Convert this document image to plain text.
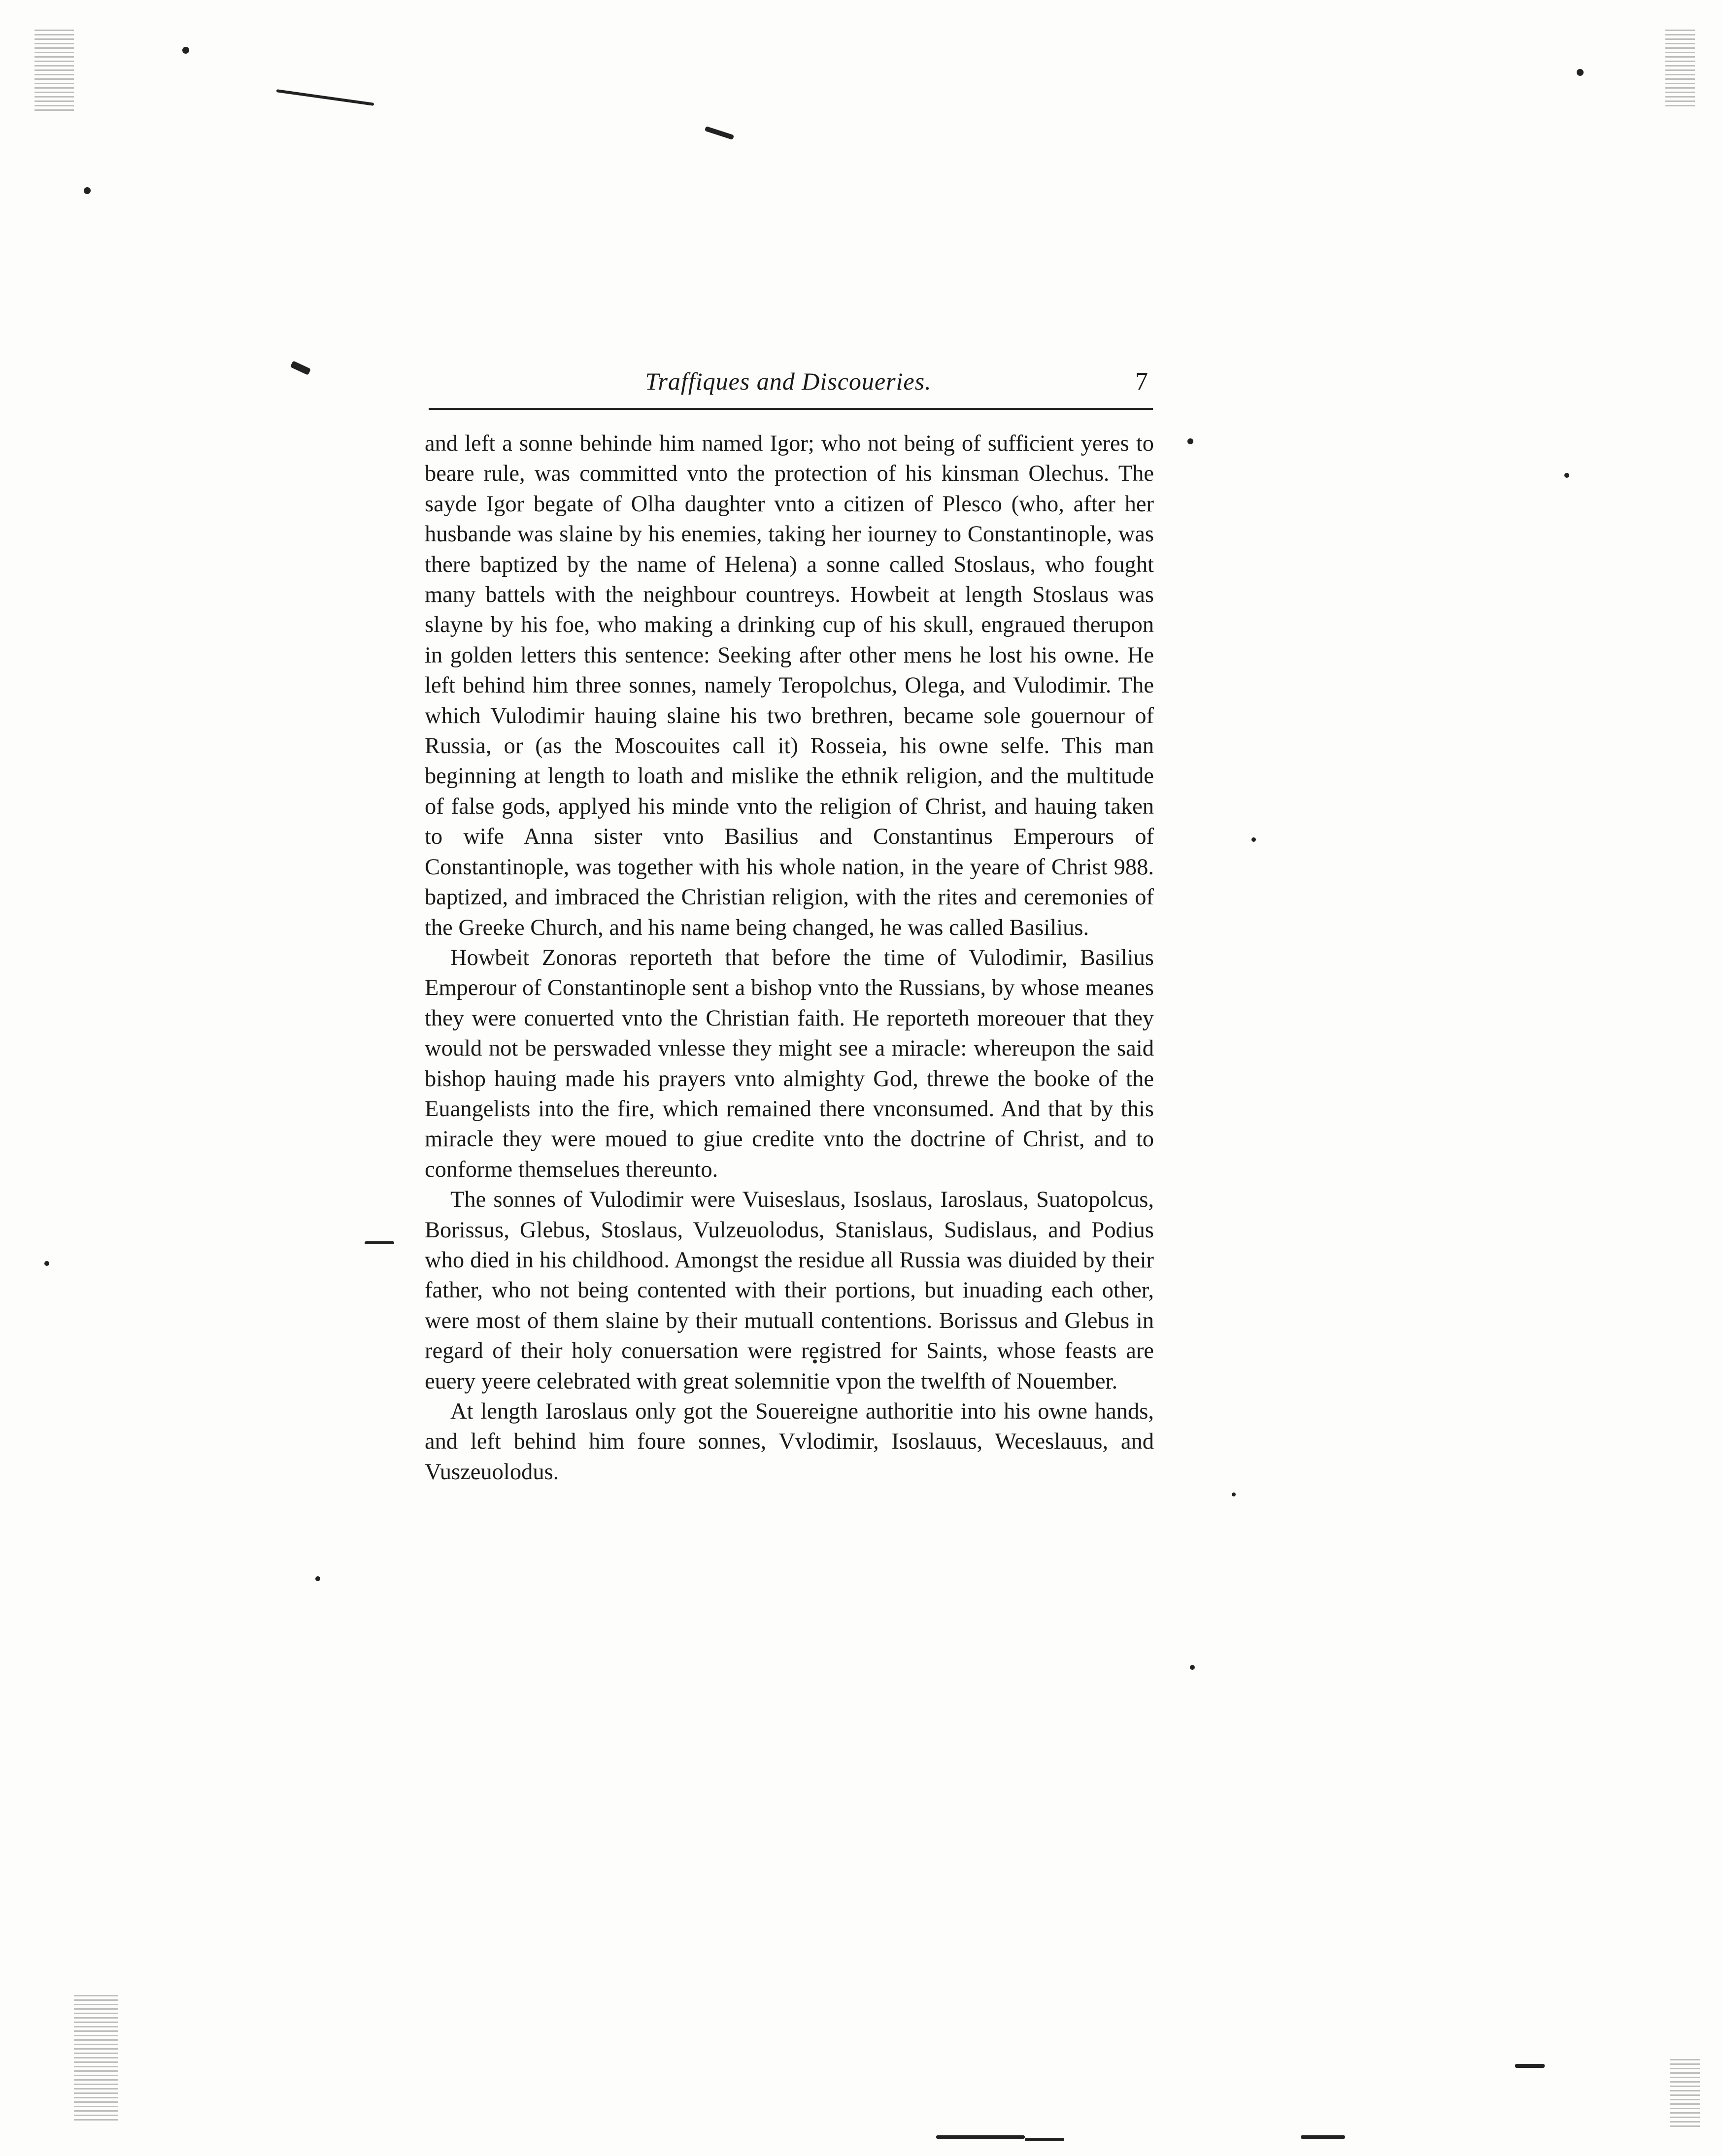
Traffiques and Discoueries.	7

and left a sonne behinde him named Igor; who not being of sufficient yeres to beare rule, was committed vnto the protection of his kinsman Olechus. The sayde Igor begate of Olha daughter vnto a citizen of Plesco (who, after her husbande was slaine by his enemies, taking her iourney to Constantinople, was there baptized by the name of Helena) a sonne called Stoslaus, who fought many battels with the neighbour countreys. Howbeit at length Stoslaus was slayne by his foe, who making a drinking cup of his skull, engraued therupon in golden letters this sentence: Seeking after other mens he lost his owne. He left behind him three sonnes, namely Teropolchus, Olega, and Vulodimir. The which Vulodimir hauing slaine his two brethren, became sole gouernour of Russia, or (as the Moscouites call it) Rosseia, his owne selfe. This man beginning at length to loath and mislike the ethnik religion, and the multitude of false gods, applyed his minde vnto the religion of Christ, and hauing taken to wife Anna sister vnto Basilius and Constantinus Emperours of Constantinople, was together with his whole nation, in the yeare of Christ 988. baptized, and imbraced the Christian religion, with the rites and ceremonies of the Greeke Church, and his name being changed, he was called Basilius.

Howbeit Zonoras reporteth that before the time of Vulodimir, Basilius Emperour of Constantinople sent a bishop vnto the Russians, by whose meanes they were conuerted vnto the Christian faith. He reporteth moreouer that they would not be perswaded vnlesse they might see a miracle: whereupon the said bishop hauing made his prayers vnto almighty God, threwe the booke of the Euangelists into the fire, which remained there vnconsumed. And that by this miracle they were moued to giue credite vnto the doctrine of Christ, and to conforme themselues thereunto.

The sonnes of Vulodimir were Vuiseslaus, Isoslaus, Iaroslaus, Suatopolcus, Borissus, Glebus, Stoslaus, Vulzeuolodus, Stanislaus, Sudislaus, and Podius who died in his childhood. Amongst the residue all Russia was diuided by their father, who not being contented with their portions, but inuading each other, were most of them slaine by their mutuall contentions. Borissus and Glebus in regard of their holy conuersation were registred for Saints, whose feasts are euery yeere celebrated with great solemnitie vpon the twelfth of Nouember.

At length Iaroslaus only got the Souereigne authoritie into his owne hands, and left behind him foure sonnes, Vvlodimir, Isoslauus, Weceslauus, and Vuszeuolodus.
